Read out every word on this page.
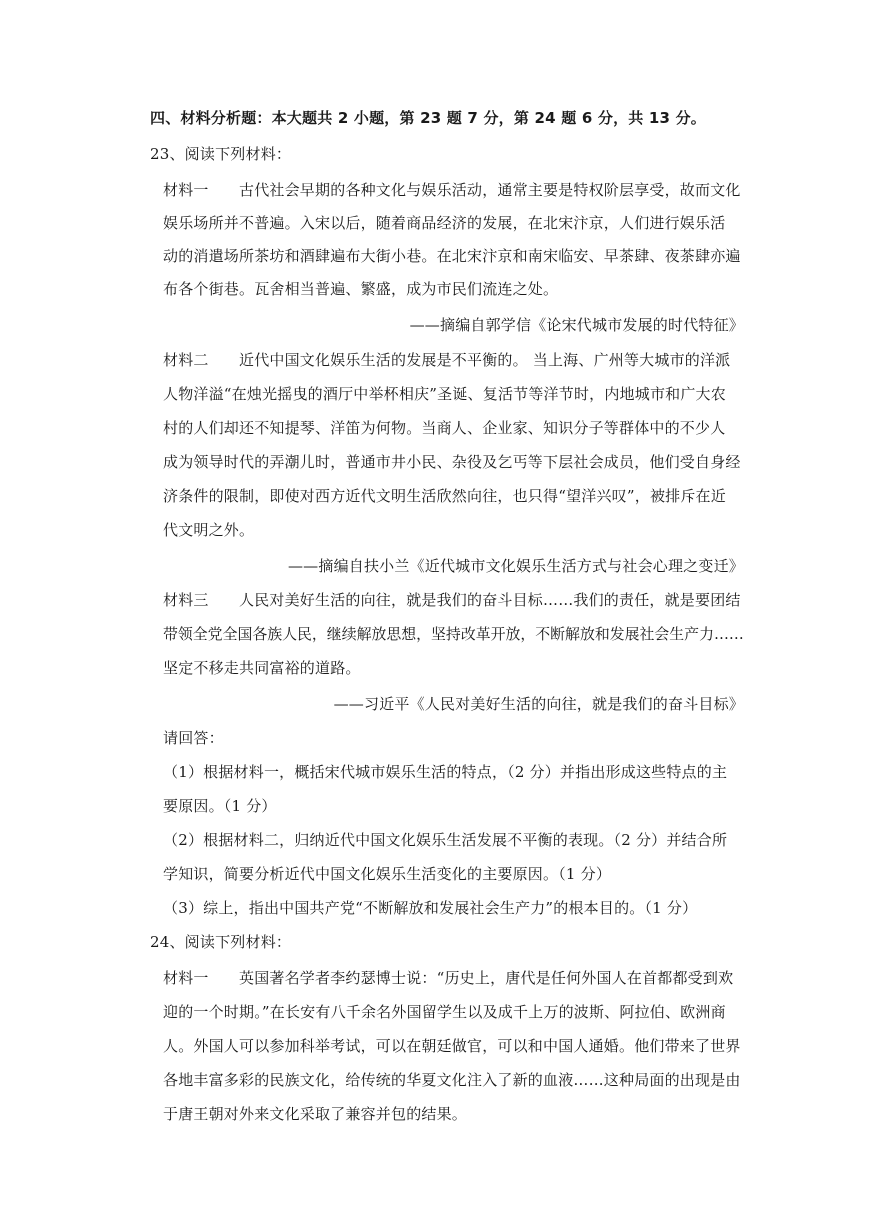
四、材料分析题：本大题共 2 小题，第 23 题 7 分，第 24 题 6 分，共 13 分。
23、阅读下列材料：
材料一　　古代社会早期的各种文化与娱乐活动，通常主要是特权阶层享受，故而文化
娱乐场所并不普遍。入宋以后，随着商品经济的发展，在北宋汴京，人们进行娱乐活
动的消遣场所茶坊和酒肆遍布大街小巷。在北宋汴京和南宋临安、早茶肆、夜茶肆亦遍
布各个街巷。瓦舍相当普遍、繁盛，成为市民们流连之处。
——摘编自郭学信《论宋代城市发展的时代特征》
材料二　　近代中国文化娱乐生活的发展是不平衡的。 当上海、广州等大城市的洋派
人物洋溢“在烛光摇曳的酒厅中举杯相庆”圣诞、复活节等洋节时，内地城市和广大农
村的人们却还不知提琴、洋笛为何物。当商人、企业家、知识分子等群体中的不少人
成为领导时代的弄潮儿时，普通市井小民、杂役及乞丐等下层社会成员，他们受自身经
济条件的限制，即使对西方近代文明生活欣然向往，也只得“望洋兴叹”，被排斥在近
代文明之外。
——摘编自扶小兰《近代城市文化娱乐生活方式与社会心理之变迁》
材料三　　人民对美好生活的向往，就是我们的奋斗目标……我们的责任，就是要团结
带领全党全国各族人民，继续解放思想，坚持改革开放，不断解放和发展社会生产力……
坚定不移走共同富裕的道路。
——习近平《人民对美好生活的向往，就是我们的奋斗目标》
请回答：
（1）根据材料一，概括宋代城市娱乐生活的特点，（2 分）并指出形成这些特点的主
要原因。（1 分）
（2）根据材料二，归纳近代中国文化娱乐生活发展不平衡的表现。（2 分）并结合所
学知识，简要分析近代中国文化娱乐生活变化的主要原因。（1 分）
（3）综上，指出中国共产党“不断解放和发展社会生产力”的根本目的。（1 分）
24、阅读下列材料：
材料一　　英国著名学者李约瑟博士说：“历史上，唐代是任何外国人在首都都受到欢
迎的一个时期。”在长安有八千余名外国留学生以及成千上万的波斯、阿拉伯、欧洲商
人。外国人可以参加科举考试，可以在朝廷做官，可以和中国人通婚。他们带来了世界
各地丰富多彩的民族文化，给传统的华夏文化注入了新的血液……这种局面的出现是由
于唐王朝对外来文化采取了兼容并包的结果。
